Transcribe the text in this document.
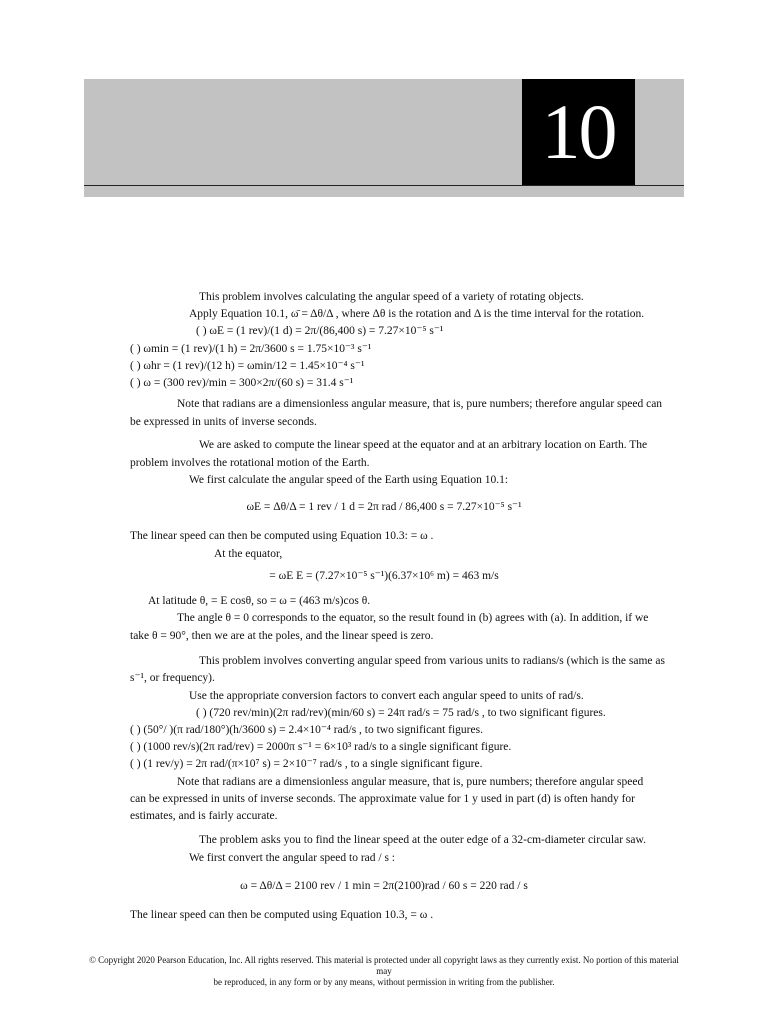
10
This problem involves calculating the angular speed of a variety of rotating objects.
Apply Equation 10.1, ω̄ = Δθ/Δ , where Δθ is the rotation and Δ is the time interval for the rotation.
( ) ωE = (1 rev)/(1 d) = 2π/(86,400 s) = 7.27×10⁻⁵ s⁻¹
( ) ωmin = (1 rev)/(1 h) = 2π/3600 s = 1.75×10⁻³ s⁻¹
( ) ωhr = (1 rev)/(12 h) = ωmin/12 = 1.45×10⁻⁴ s⁻¹
( ) ω = (300 rev)/min = 300×2π/(60 s) = 31.4 s⁻¹
Note that radians are a dimensionless angular measure, that is, pure numbers; therefore angular speed can
be expressed in units of inverse seconds.
We are asked to compute the linear speed at the equator and at an arbitrary location on Earth. The
problem involves the rotational motion of the Earth.
We first calculate the angular speed of the Earth using Equation 10.1:
ωE = Δθ/Δ = 1 rev / 1 d = 2π rad / 86,400 s = 7.27×10⁻⁵ s⁻¹
The linear speed can then be computed using Equation 10.3: = ω .
At the equator,
= ωE E = (7.27×10⁻⁵ s⁻¹)(6.37×10⁶ m) = 463 m/s
At latitude θ, = E cosθ, so = ω = (463 m/s)cos θ.
The angle θ = 0 corresponds to the equator, so the result found in (b) agrees with (a). In addition, if we
take θ = 90°, then we are at the poles, and the linear speed is zero.
This problem involves converting angular speed from various units to radians/s (which is the same as
s⁻¹, or frequency).
Use the appropriate conversion factors to convert each angular speed to units of rad/s.
( ) (720 rev/min)(2π rad/rev)(min/60 s) = 24π rad/s = 75 rad/s , to two significant figures.
( ) (50°/ )(π rad/180°)(h/3600 s) = 2.4×10⁻⁴ rad/s , to two significant figures.
( ) (1000 rev/s)(2π rad/rev) = 2000π s⁻¹ = 6×10³ rad/s to a single significant figure.
( ) (1 rev/y) = 2π rad/(π×10⁷ s) = 2×10⁻⁷ rad/s , to a single significant figure.
Note that radians are a dimensionless angular measure, that is, pure numbers; therefore angular speed
can be expressed in units of inverse seconds. The approximate value for 1 y used in part (d) is often handy for
estimates, and is fairly accurate.
The problem asks you to find the linear speed at the outer edge of a 32-cm-diameter circular saw.
We first convert the angular speed to rad / s :
ω = Δθ/Δ = 2100 rev / 1 min = 2π(2100)rad / 60 s = 220 rad / s
The linear speed can then be computed using Equation 10.3, = ω .
© Copyright 2020 Pearson Education, Inc. All rights reserved. This material is protected under all copyright laws as they currently exist. No portion of this material may
be reproduced, in any form or by any means, without permission in writing from the publisher.
